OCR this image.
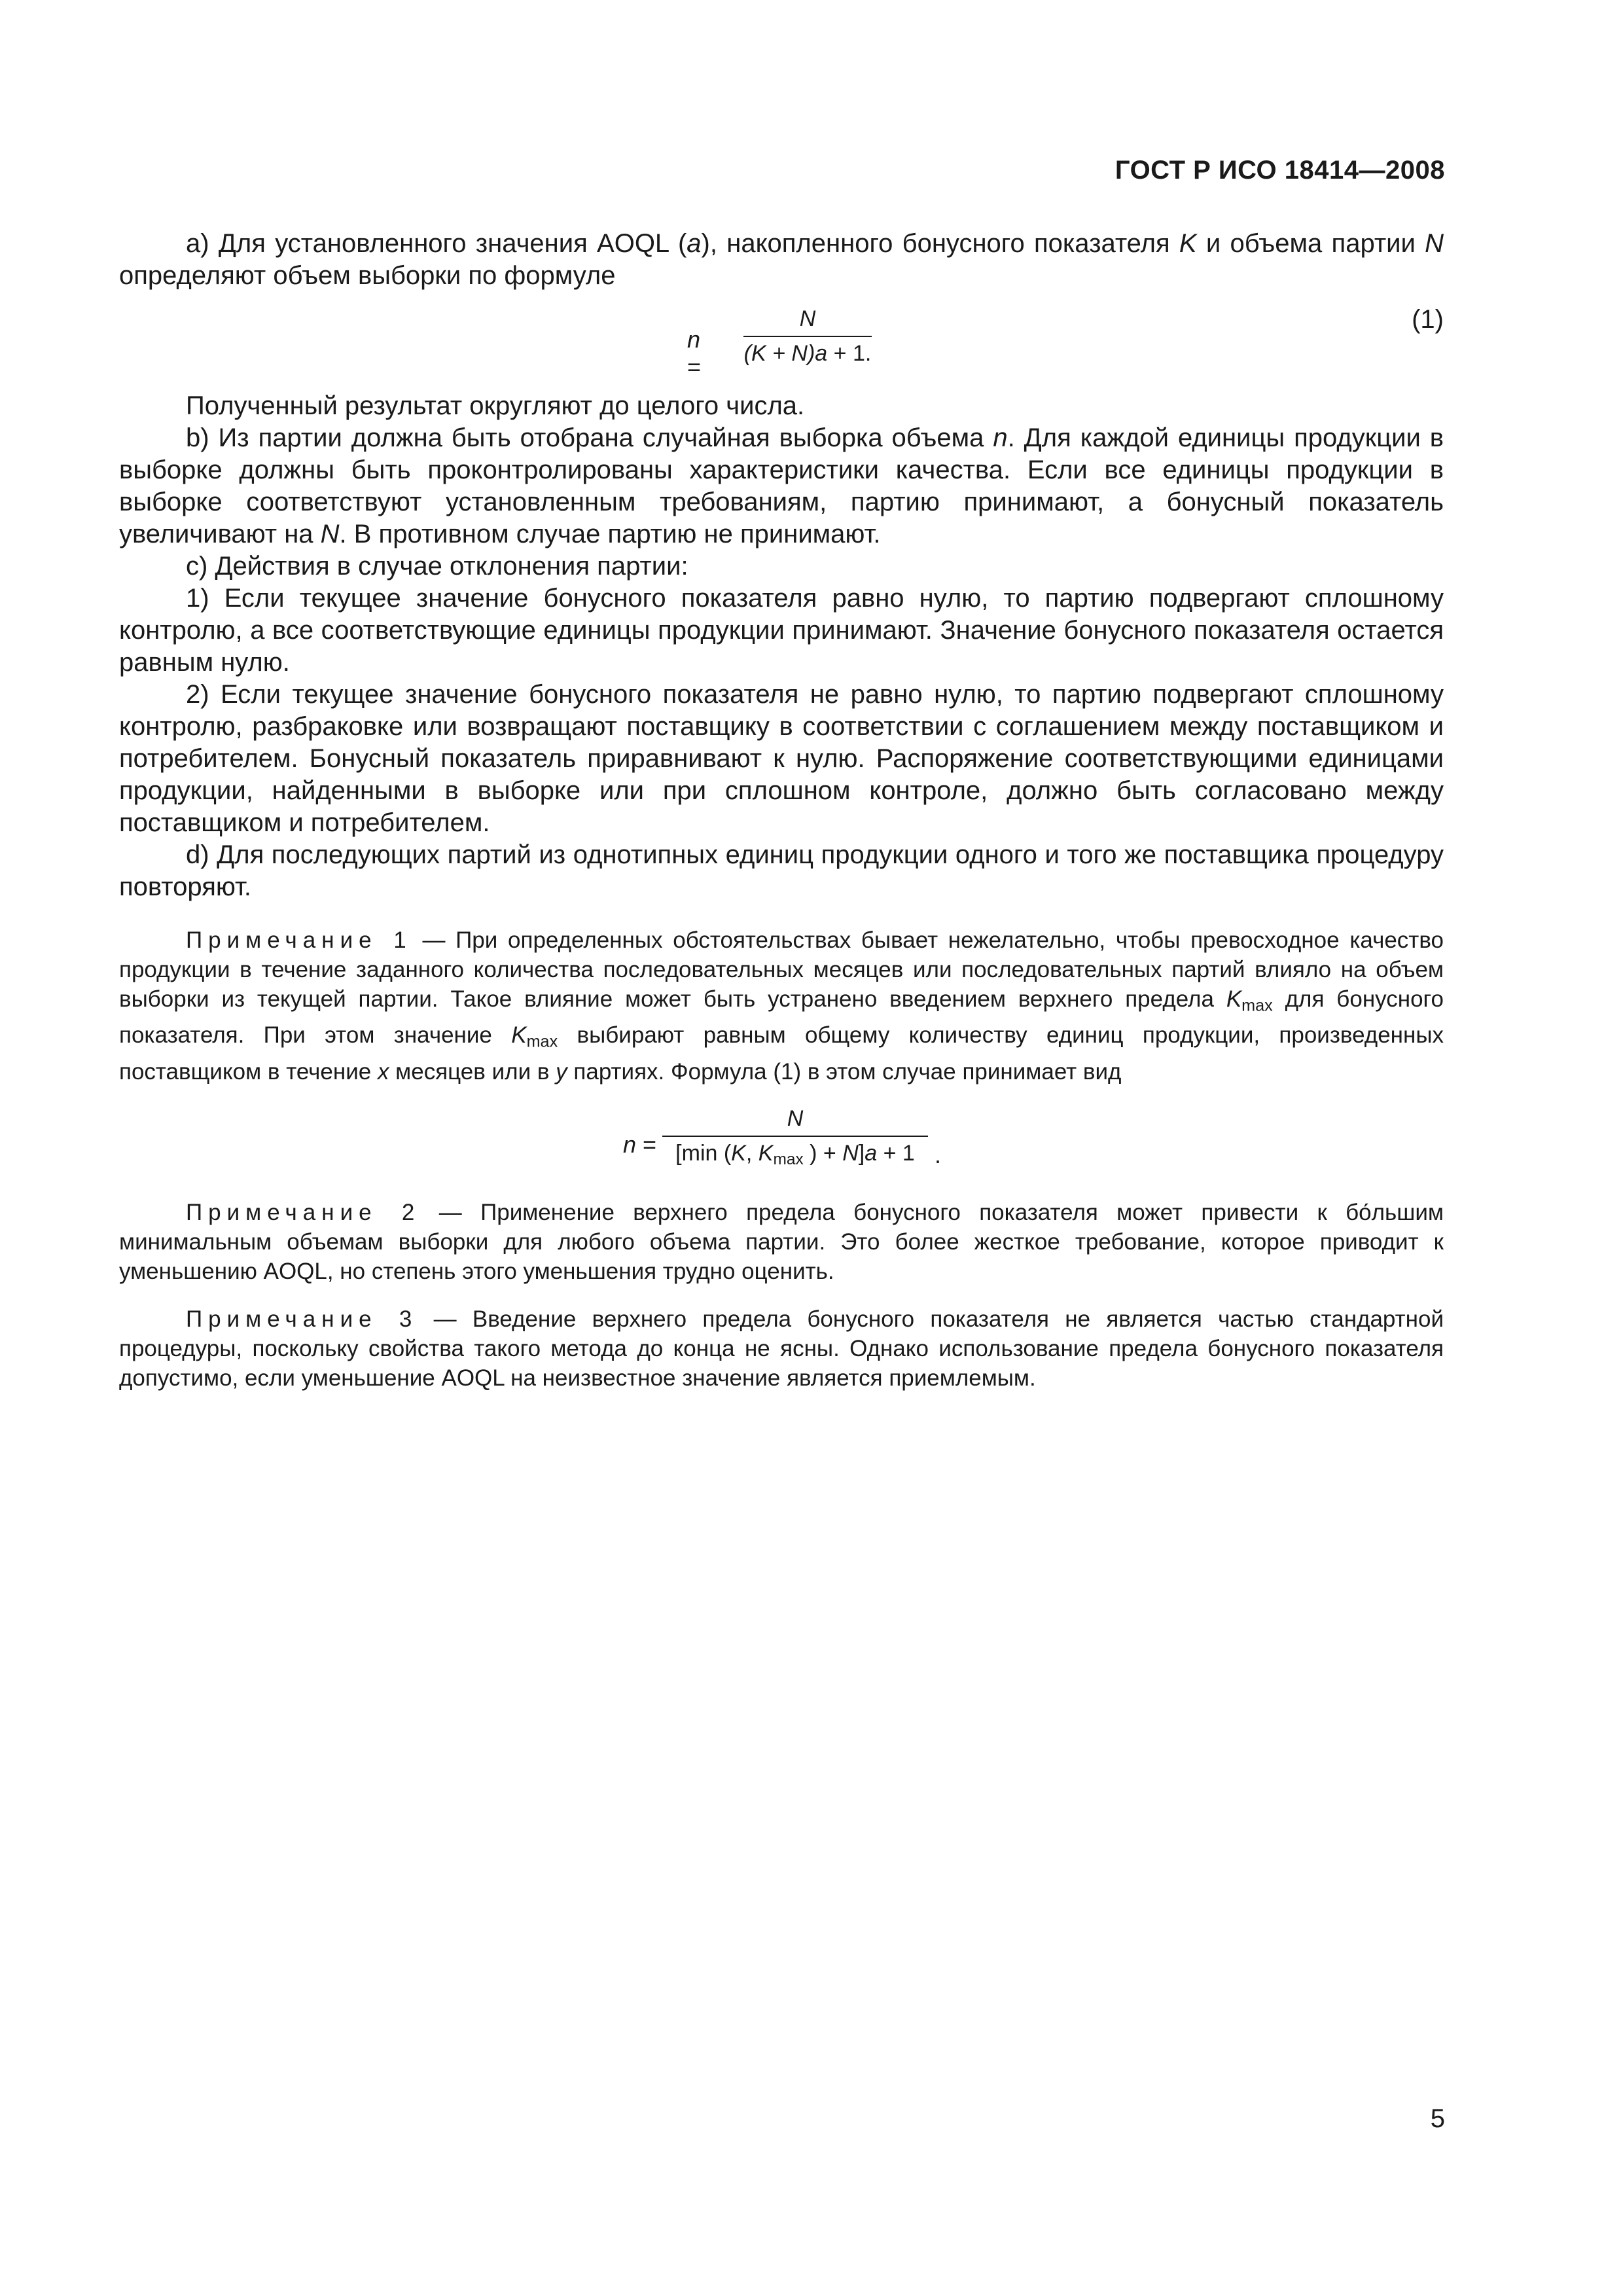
ГОСТ Р ИСО 18414—2008

a) Для установленного значения AOQL (a), накопленного бонусного показателя K и объема партии N определяют объем выборки по формуле

n =
N
(K + N)a + 1.
(1)

Полученный результат округляют до целого числа.

b) Из партии должна быть отобрана случайная выборка объема n. Для каждой единицы продукции в выборке должны быть проконтролированы характеристики качества. Если все единицы продукции в выборке соответствуют установленным требованиям, партию принимают, а бонусный показатель увеличивают на N. В противном случае партию не принимают.

c) Действия в случае отклонения партии:

1) Если текущее значение бонусного показателя равно нулю, то партию подвергают сплошному контролю, а все соответствующие единицы продукции принимают. Значение бонусного показателя остается равным нулю.

2) Если текущее значение бонусного показателя не равно нулю, то партию подвергают сплошному контролю, разбраковке или возвращают поставщику в соответствии с соглашением между поставщиком и потребителем. Бонусный показатель приравнивают к нулю. Распоряжение соответствующими единицами продукции, найденными в выборке или при сплошном контроле, должно быть согласовано между поставщиком и потребителем.

d) Для последующих партий из однотипных единиц продукции одного и того же поставщика процедуру повторяют.

Примечание 1 — При определенных обстоятельствах бывает нежелательно, чтобы превосходное качество продукции в течение заданного количества последовательных месяцев или последовательных партий влияло на объем выборки из текущей партии. Такое влияние может быть устранено введением верхнего предела $K_{max}$ для бонусного показателя. При этом значение $K_{max}$ выбирают равным общему количеству единиц продукции, произведенных поставщиком в течение x месяцев или в y партиях. Формула (1) в этом случае принимает вид

n =
N
[min (K, $K_{max}$ ) + N]a + 1 .

Примечание 2 — Применение верхнего предела бонусного показателя может привести к бо́льшим минимальным объемам выборки для любого объема партии. Это более жесткое требование, которое приводит к уменьшению AOQL, но степень этого уменьшения трудно оценить.

Примечание 3 — Введение верхнего предела бонусного показателя не является частью стандартной процедуры, поскольку свойства такого метода до конца не ясны. Однако использование предела бонусного показателя допустимо, если уменьшение AOQL на неизвестное значение является приемлемым.

5
